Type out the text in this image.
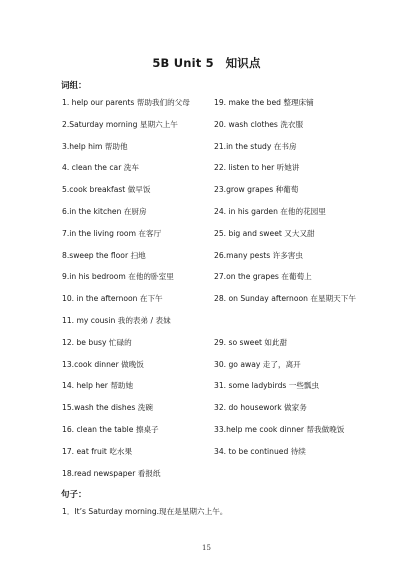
5B Unit 5　知识点
词组：
1. help our parents 帮助我们的父母	19. make the bed 整理床铺
2.Saturday morning 星期六上午	20. wash clothes 洗衣服
3.help him 帮助他	21.in the study 在书房
4. clean the car 洗车	22. listen to her 听她讲
5.cook breakfast 做早饭	23.grow grapes 种葡萄
6.in the kitchen 在厨房	24. in his garden 在他的花园里
7.in the living room 在客厅	25. big and sweet 又大又甜
8.sweep the floor 扫地	26.many pests 许多害虫
9.in his bedroom 在他的卧室里	27.on the grapes 在葡萄上
10. in the afternoon 在下午	28. on Sunday afternoon 在星期天下午
11. my cousin 我的表弟 / 表妹
12. be busy 忙碌的	29. so sweet 如此甜
13.cook dinner 做晚饭	30. go away 走了，离开
14. help her 帮助她	31. some ladybirds 一些瓢虫
15.wash the dishes 洗碗	32. do housework 做家务
16. clean the table 擦桌子	33.help me cook dinner 帮我做晚饭
17. eat fruit 吃水果	34. to be continued 待续
18.read newspaper 看报纸
句子：
1．It’s Saturday morning.现在是星期六上午。
15
